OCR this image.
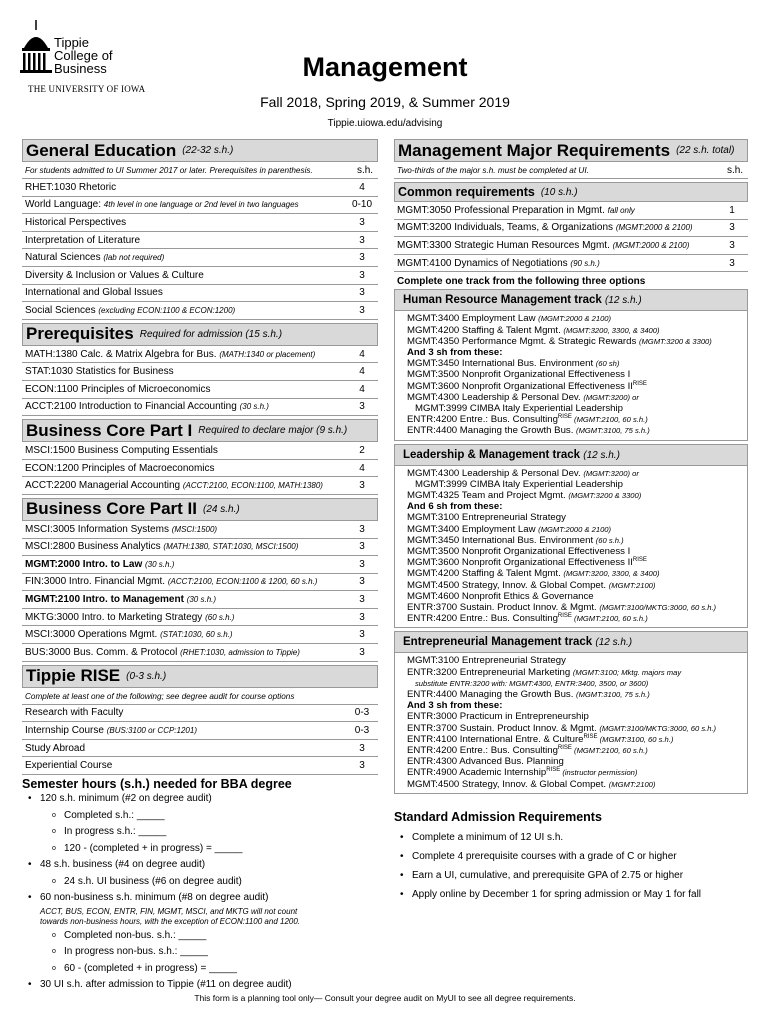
Tippie
College of
Business
THE UNIVERSITY OF IOWA
Management
Fall 2018, Spring 2019, & Summer 2019
Tippie.uiowa.edu/advising
General Education (22-32 s.h.)
For students admitted to UI Summer 2017 or later. Prerequisites in parenthesis.	s.h.
RHET:1030 Rhetoric	4
World Language: 4th level in one language or 2nd level in two languages	0-10
Historical Perspectives	3
Interpretation of Literature	3
Natural Sciences (lab not required)	3
Diversity & Inclusion or Values & Culture	3
International and Global Issues	3
Social Sciences (excluding ECON:1100 & ECON:1200)	3
Prerequisites Required for admission (15 s.h.)
MATH:1380 Calc. & Matrix Algebra for Bus. (MATH:1340 or placement)	4
STAT:1030 Statistics for Business	4
ECON:1100 Principles of Microeconomics	4
ACCT:2100 Introduction to Financial Accounting (30 s.h.)	3
Business Core Part I Required to declare major (9 s.h.)
MSCI:1500 Business Computing Essentials	2
ECON:1200 Principles of Macroeconomics	4
ACCT:2200 Managerial Accounting (ACCT:2100, ECON:1100, MATH:1380)	3
Business Core Part II (24 s.h.)
MSCI:3005 Information Systems (MSCI:1500)	3
MSCI:2800 Business Analytics (MATH:1380, STAT:1030, MSCI:1500)	3
MGMT:2000 Intro. to Law (30 s.h.)	3
FIN:3000 Intro. Financial Mgmt. (ACCT:2100, ECON:1100 & 1200, 60 s.h.)	3
MGMT:2100 Intro. to Management (30 s.h.)	3
MKTG:3000 Intro. to Marketing Strategy (60 s.h.)	3
MSCI:3000 Operations Mgmt. (STAT:1030, 60 s.h.)	3
BUS:3000 Bus. Comm. & Protocol (RHET:1030, admission to Tippie)	3
Tippie RISE (0-3 s.h.)
Complete at least one of the following; see degree audit for course options
Research with Faculty	0-3
Internship Course (BUS:3100 or CCP:1201)	0-3
Study Abroad	3
Experiential Course	3
Semester hours (s.h.) needed for BBA degree
• 120 s.h. minimum (#2 on degree audit)
o Completed s.h.: _____
o In progress s.h.: _____
o 120 - (completed + in progress) = _____
• 48 s.h. business (#4 on degree audit)
o 24 s.h. UI business (#6 on degree audit)
• 60 non-business s.h. minimum (#8 on degree audit)
ACCT, BUS, ECON, ENTR, FIN, MGMT, MSCI, and MKTG will not count
towards non-business hours, with the exception of ECON:1100 and 1200.
o Completed non-bus. s.h.: _____
o In progress non-bus. s.h.: _____
o 60 - (completed + in progress) = _____
• 30 UI s.h. after admission to Tippie (#11 on degree audit)
Management Major Requirements (22 s.h. total)
Two-thirds of the major s.h. must be completed at UI.	s.h.
Common requirements (10 s.h.)
MGMT:3050 Professional Preparation in Mgmt. fall only	1
MGMT:3200 Individuals, Teams, & Organizations (MGMT:2000 & 2100)	3
MGMT:3300 Strategic Human Resources Mgmt. (MGMT:2000 & 2100)	3
MGMT:4100 Dynamics of Negotiations (90 s.h.)	3
Complete one track from the following three options
Human Resource Management track (12 s.h.)
MGMT:3400 Employment Law (MGMT:2000 & 2100)
MGMT:4200 Staffing & Talent Mgmt. (MGMT:3200, 3300, & 3400)
MGMT:4350 Performance Mgmt. & Strategic Rewards (MGMT:3200 & 3300)
And 3 sh from these:
MGMT:3450 International Bus. Environment (60 sh)
MGMT:3500 Nonprofit Organizational Effectiveness I
MGMT:3600 Nonprofit Organizational Effectiveness $II^{RISE}$
MGMT:4300 Leadership & Personal Dev. (MGMT:3200) or
MGMT:3999 CIMBA Italy Experiential Leadership
ENTR:4200 Entre.: Bus. Consulting$^{RISE}$ (MGMT:2100, 60 s.h.)
ENTR:4400 Managing the Growth Bus. (MGMT:3100, 75 s.h.)
Leadership & Management track (12 s.h.)
MGMT:4300 Leadership & Personal Dev. (MGMT:3200) or
MGMT:3999 CIMBA Italy Experiential Leadership
MGMT:4325 Team and Project Mgmt. (MGMT:3200 & 3300)
And 6 sh from these:
MGMT:3100 Entrepreneurial Strategy
MGMT:3400 Employment Law (MGMT:2000 & 2100)
MGMT:3450 International Bus. Environment (60 s.h.)
MGMT:3500 Nonprofit Organizational Effectiveness I
MGMT:3600 Nonprofit Organizational Effectiveness $II^{RISE}$
MGMT:4200 Staffing & Talent Mgmt. (MGMT:3200, 3300, & 3400)
MGMT:4500 Strategy, Innov. & Global Compet. (MGMT:2100)
MGMT:4600 Nonprofit Ethics & Governance
ENTR:3700 Sustain. Product Innov. & Mgmt. (MGMT:3100/MKTG:3000, 60 s.h.)
ENTR:4200 Entre.: Bus. Consulting$^{RISE}$ (MGMT:2100, 60 s.h.)
Entrepreneurial Management track (12 s.h.)
MGMT:3100 Entrepreneurial Strategy
ENTR:3200 Entrepreneurial Marketing (MGMT:3100; Mktg. majors may
substitute ENTR:3200 with: MGMT:4300, ENTR:3400, 3500, or 3600)
ENTR:4400 Managing the Growth Bus. (MGMT:3100, 75 s.h.)
And 3 sh from these:
ENTR:3000 Practicum in Entrepreneurship
ENTR:3700 Sustain. Product Innov. & Mgmt. (MGMT:3100/MKTG:3000, 60 s.h.)
ENTR:4100 International Entre. & Culture$^{RISE}$ (MGMT:3100, 60 s.h.)
ENTR:4200 Entre.: Bus. Consulting$^{RISE}$ (MGMT:2100, 60 s.h.)
ENTR:4300 Advanced Bus. Planning
ENTR:4900 Academic Internship$^{RISE}$ (instructor permission)
MGMT:4500 Strategy, Innov. & Global Compet. (MGMT:2100)
Standard Admission Requirements
• Complete a minimum of 12 UI s.h.
• Complete 4 prerequisite courses with a grade of C or higher
• Earn a UI, cumulative, and prerequisite GPA of 2.75 or higher
• Apply online by December 1 for spring admission or May 1 for fall
This form is a planning tool only— Consult your degree audit on MyUI to see all degree requirements.
